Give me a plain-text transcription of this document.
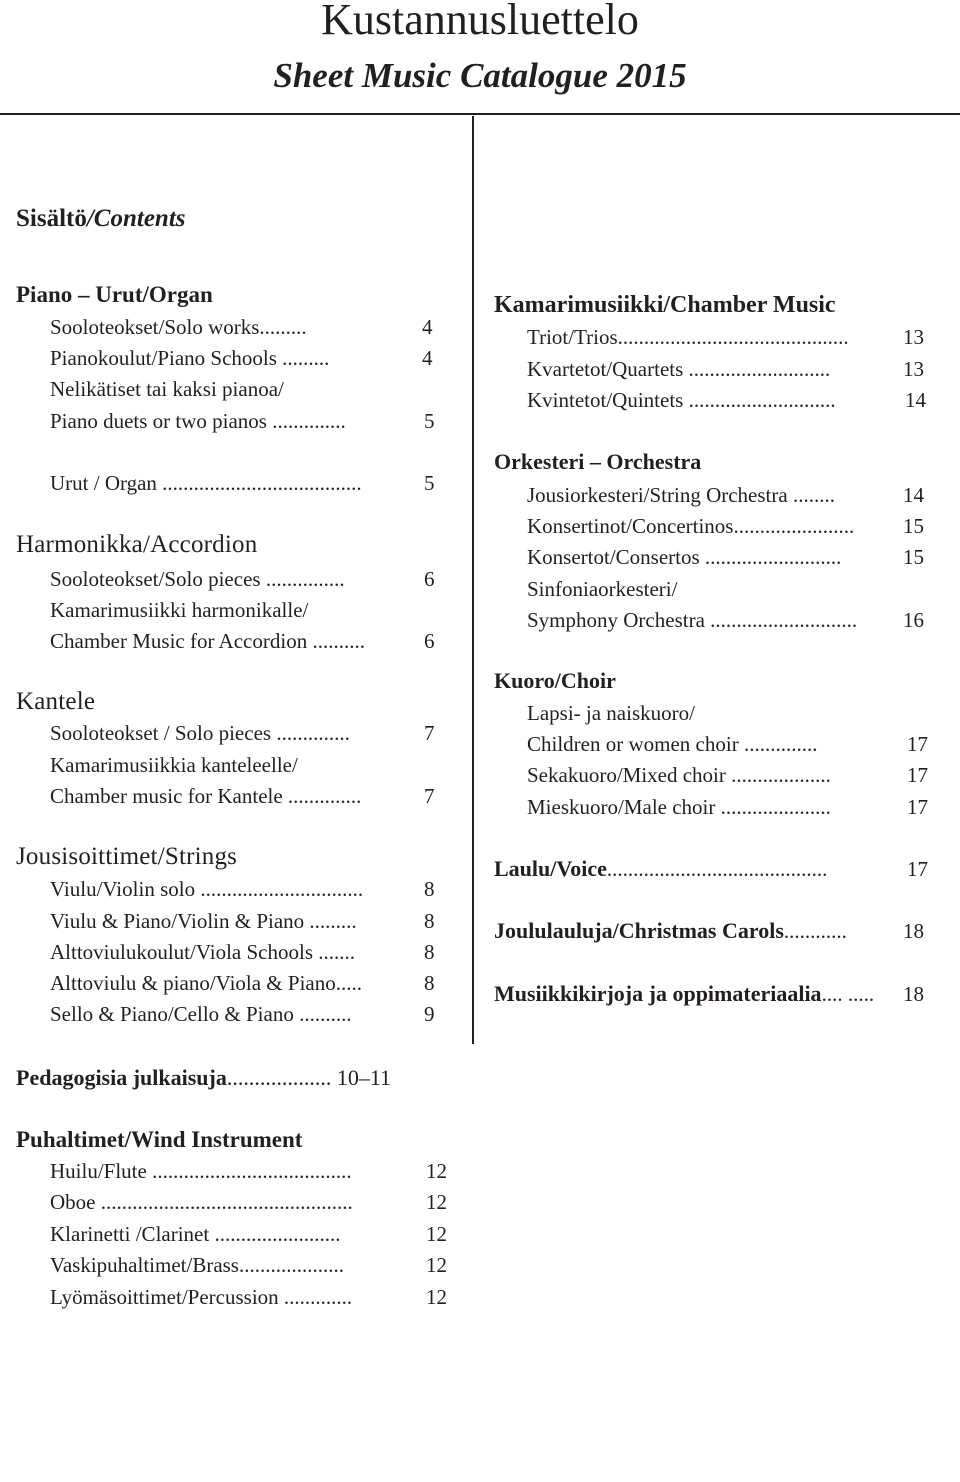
Kustannusluettelo
Sheet Music Catalogue 2015
Sisältö/Contents
Piano – Urut/Organ
Sooloteokset/Solo works.........	4
Pianokoulut/Piano Schools .........	4
Nelikätiset tai kaksi pianoa/
Piano duets or two pianos ..............	5
Urut / Organ ......................................	5
Harmonikka/Accordion
Sooloteokset/Solo pieces ...............	6
Kamarimusiikki harmonikalle/
Chamber Music for Accordion ..........	6
Kantele
Sooloteokset / Solo pieces ..............	7
Kamarimusiikkia kanteleelle/
Chamber music for Kantele ..............	7
Jousisoittimet/Strings
Viulu/Violin solo ...............................	8
Viulu & Piano/Violin & Piano .........	8
Alttoviulukoulut/Viola Schools .......	8
Alttoviulu & piano/Viola & Piano.....	8
Sello & Piano/Cello & Piano ..........	9
Pedagogisia julkaisuja................... 10–11
Puhaltimet/Wind Instrument
Huilu/Flute ......................................	12
Oboe ................................................	12
Klarinetti /Clarinet ........................	12
Vaskipuhaltimet/Brass....................	12
Lyömäsoittimet/Percussion .............	12
Kamarimusiikki/Chamber Music
Triot/Trios............................................	13
Kvartetot/Quartets ...........................	13
Kvintetot/Quintets ............................	14
Orkesteri – Orchestra
Jousiorkesteri/String Orchestra ........	14
Konsertinot/Concertinos....................... 15
Konsertot/Consertos ..........................	15
Sinfoniaorkesteri/
Symphony Orchestra ............................ 16
Kuoro/Choir
Lapsi- ja naiskuoro/
Children or women choir ..............	17
Sekakuoro/Mixed choir ...................	17
Mieskuoro/Male choir .....................	17
Laulu/Voice..........................................	17
Joululauluja/Christmas Carols............	18
Musiikkikirjoja ja oppimateriaalia.... ..... 18
